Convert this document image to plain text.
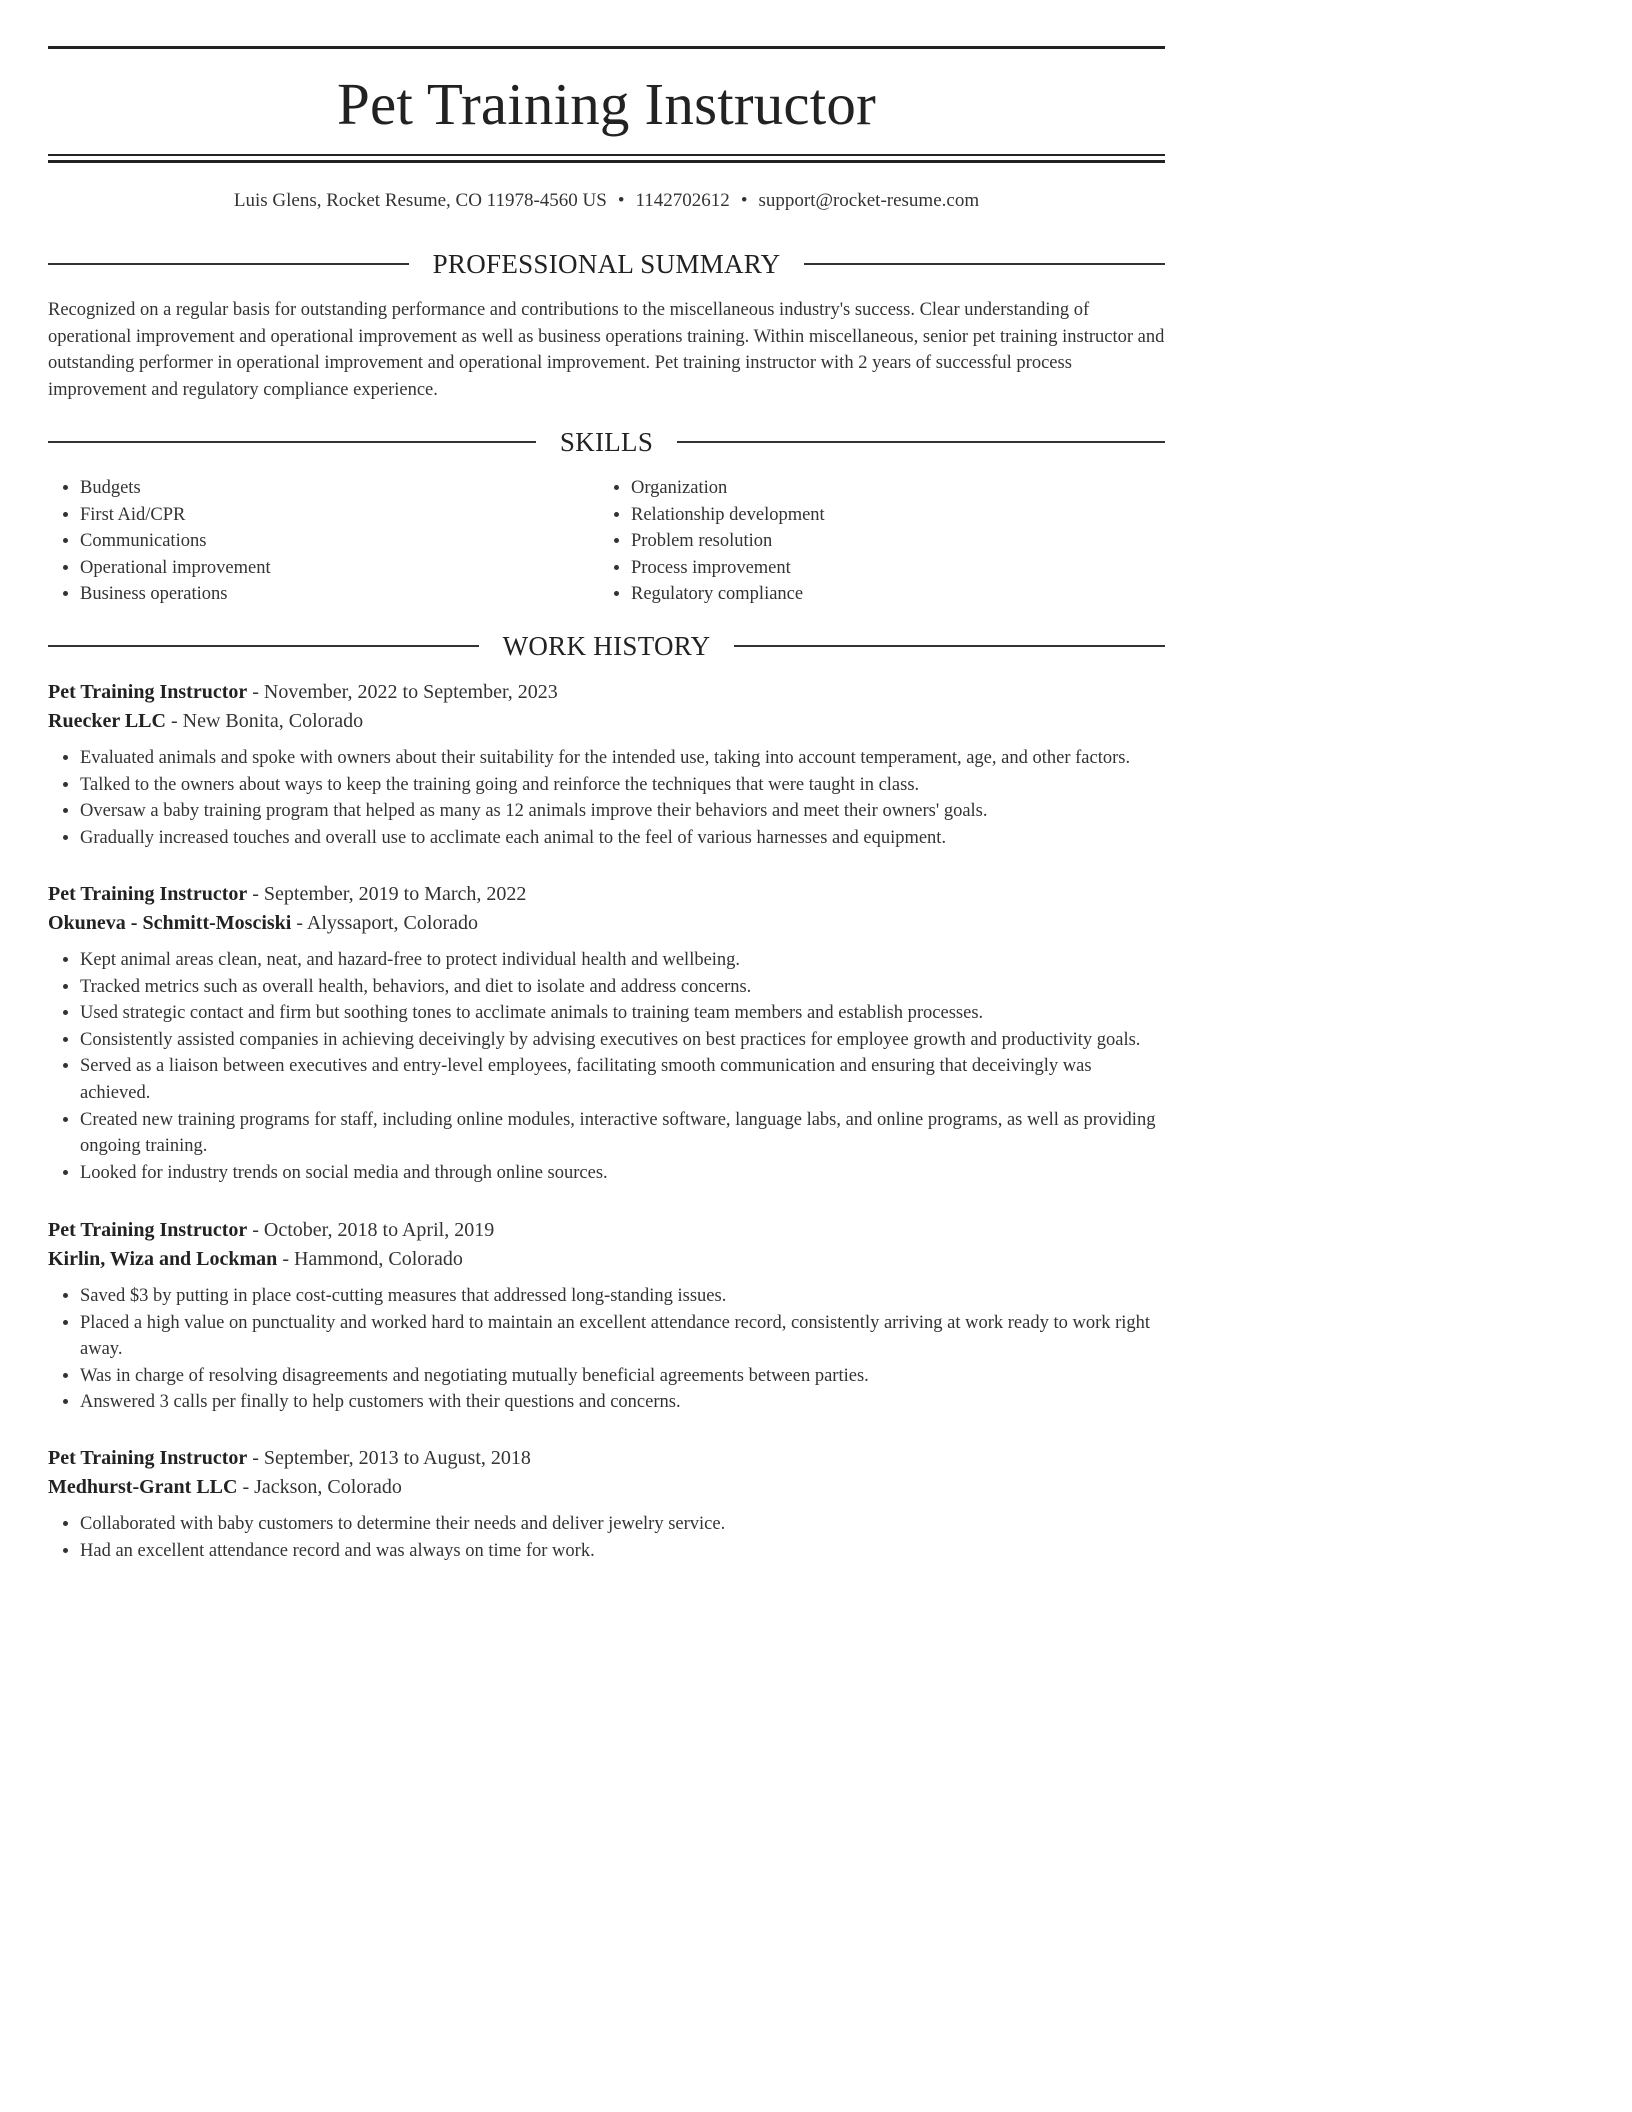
Pet Training Instructor
Luis Glens, Rocket Resume, CO 11978-4560 US • 1142702612 • support@rocket-resume.com
PROFESSIONAL SUMMARY

Recognized on a regular basis for outstanding performance and contributions to the miscellaneous industry's success. Clear understanding of operational improvement and operational improvement as well as business operations training. Within miscellaneous, senior pet training instructor and outstanding performer in operational improvement and operational improvement. Pet training instructor with 2 years of successful process improvement and regulatory compliance experience.

SKILLS
• Budgets
• First Aid/CPR
• Communications
• Operational improvement
• Business operations
• Organization
• Relationship development
• Problem resolution
• Process improvement
• Regulatory compliance
WORK HISTORY
Pet Training Instructor - November, 2022 to September, 2023
Ruecker LLC - New Bonita, Colorado
• Evaluated animals and spoke with owners about their suitability for the intended use, taking into account temperament, age, and other factors.
• Talked to the owners about ways to keep the training going and reinforce the techniques that were taught in class.
• Oversaw a baby training program that helped as many as 12 animals improve their behaviors and meet their owners' goals.
• Gradually increased touches and overall use to acclimate each animal to the feel of various harnesses and equipment.
Pet Training Instructor - September, 2019 to March, 2022
Okuneva - Schmitt-Mosciski - Alyssaport, Colorado
• Kept animal areas clean, neat, and hazard-free to protect individual health and wellbeing.
• Tracked metrics such as overall health, behaviors, and diet to isolate and address concerns.
• Used strategic contact and firm but soothing tones to acclimate animals to training team members and establish processes.
• Consistently assisted companies in achieving deceivingly by advising executives on best practices for employee growth and productivity goals.
• Served as a liaison between executives and entry-level employees, facilitating smooth communication and ensuring that deceivingly was achieved.
• Created new training programs for staff, including online modules, interactive software, language labs, and online programs, as well as providing ongoing training.
• Looked for industry trends on social media and through online sources.
Pet Training Instructor - October, 2018 to April, 2019
Kirlin, Wiza and Lockman - Hammond, Colorado
• Saved $3 by putting in place cost-cutting measures that addressed long-standing issues.
• Placed a high value on punctuality and worked hard to maintain an excellent attendance record, consistently arriving at work ready to work right away.
• Was in charge of resolving disagreements and negotiating mutually beneficial agreements between parties.
• Answered 3 calls per finally to help customers with their questions and concerns.
Pet Training Instructor - September, 2013 to August, 2018
Medhurst-Grant LLC - Jackson, Colorado
• Collaborated with baby customers to determine their needs and deliver jewelry service.
• Had an excellent attendance record and was always on time for work.
